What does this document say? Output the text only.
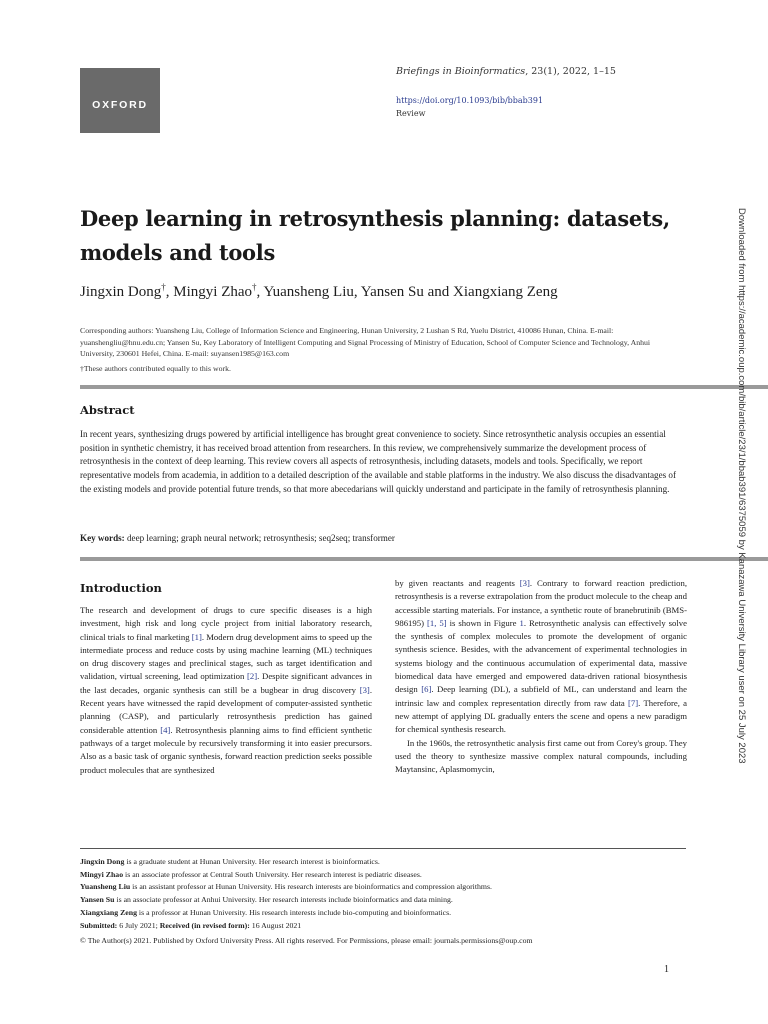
OXFORD
Briefings in Bioinformatics, 23(1), 2022, 1–15
https://doi.org/10.1093/bib/bbab391
Review
Deep learning in retrosynthesis planning: datasets, models and tools
Jingxin Dong†, Mingyi Zhao†, Yuansheng Liu, Yansen Su and Xiangxiang Zeng
Corresponding authors: Yuansheng Liu, College of Information Science and Engineering, Hunan University, 2 Lushan S Rd, Yuelu District, 410086 Hunan, China. E-mail: yuanshengliu@hnu.edu.cn; Yansen Su, Key Laboratory of Intelligent Computing and Signal Processing of Ministry of Education, School of Computer Science and Technology, Anhui University, 230601 Hefei, China. E-mail: suyansen1985@163.com
†These authors contributed equally to this work.
Abstract
In recent years, synthesizing drugs powered by artificial intelligence has brought great convenience to society. Since retrosynthetic analysis occupies an essential position in synthetic chemistry, it has received broad attention from researchers. In this review, we comprehensively summarize the development process of retrosynthesis in the context of deep learning. This review covers all aspects of retrosynthesis, including datasets, models and tools. Specifically, we report representative models from academia, in addition to a detailed description of the available and stable platforms in the industry. We also discuss the disadvantages of the existing models and provide potential future trends, so that more abecedarians will quickly understand and participate in the family of retrosynthesis planning.
Key words: deep learning; graph neural network; retrosynthesis; seq2seq; transformer
Introduction

The research and development of drugs to cure specific diseases is a high investment, high risk and long cycle project from initial laboratory research, clinical trials to final marketing [1]. Modern drug development aims to speed up the intermediate process and reduce costs by using machine learning (ML) techniques on drug discovery stages and preclinical stages, such as target identification and validation, virtual screening, lead optimization [2]. Despite significant advances in the last decades, organic synthesis can still be a bugbear in drug discovery [3]. Recent years have witnessed the rapid development of computer-assisted synthetic planning (CASP), and particularly retrosynthesis prediction has gained considerable attention [4]. Retrosynthesis planning aims to find efficient synthetic pathways of a target molecule by recursively transforming it into easier precursors. Also as a basic task of organic synthesis, forward reaction prediction seeks possible product molecules that are synthesized

by given reactants and reagents [3]. Contrary to forward reaction prediction, retrosynthesis is a reverse extrapolation from the product molecule to the cheap and accessible starting materials. For instance, a synthetic route of branebrutinib (BMS-986195) [1, 5] is shown in Figure 1. Retrosynthetic analysis can effectively solve the synthesis of complex molecules to promote the development of organic synthesis science. Besides, with the advancement of experimental technologies in systems biology and the continuous accumulation of experimental data, massive biomedical data have emerged and empowered data-driven rational biosynthesis design [6]. Deep learning (DL), a subfield of ML, can understand and learn the intrinsic law and complex representation directly from raw data [7]. Therefore, a new attempt of applying DL gradually enters the scene and opens a new paradigm for chemical synthesis research.

In the 1960s, the retrosynthetic analysis first came out from Corey's group. They used the theory to synthesize massive complex natural compounds, including Maytansinc, Aplasmomycin,

Jingxin Dong is a graduate student at Hunan University. Her research interest is bioinformatics.
Mingyi Zhao is an associate professor at Central South University. Her research interest is pediatric diseases.
Yuansheng Liu is an assistant professor at Hunan University. His research interests are bioinformatics and compression algorithms.
Yansen Su is an associate professor at Anhui University. Her research interests include bioinformatics and data mining.
Xiangxiang Zeng is a professor at Hunan University. His research interests include bio-computing and bioinformatics.
Submitted: 6 July 2021; Received (in revised form): 16 August 2021
© The Author(s) 2021. Published by Oxford University Press. All rights reserved. For Permissions, please email: journals.permissions@oup.com
1
Downloaded from https://academic.oup.com/bib/article/23/1/bbab391/6375059 by Kanazawa University Library user on 25 July 2023
